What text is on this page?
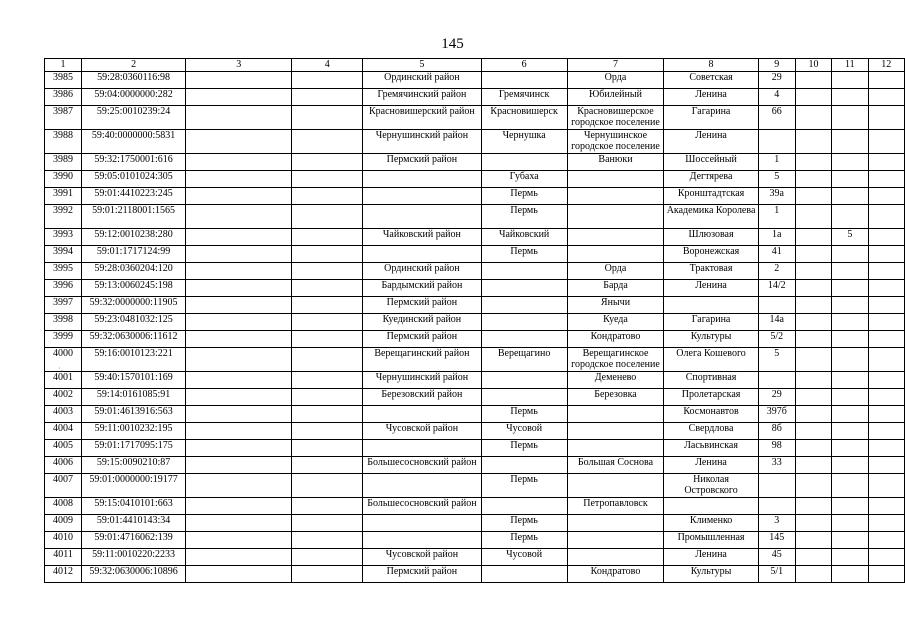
145
1	2	3	4	5	6	7	8	9	10	11	12
3985	59:28:0360116:98			Ординский район		Орда	Советская	29			
3986	59:04:0000000:282			Гремячинский район	Гремячинск	Юбилейный	Ленина	4			
3987	59:25:0010239:24			Красновишерский район	Красновишерск	Красновишерское городское поселение	Гагарина	66			
3988	59:40:0000000:5831			Чернушинский район	Чернушка	Чернушинское городское поселение	Ленина				
3989	59:32:1750001:616			Пермский район		Ванюки	Шоссейный	1			
3990	59:05:0101024:305				Губаха		Дегтярева	5			
3991	59:01:4410223:245				Пермь		Кронштадтская	39а			
3992	59:01:2118001:1565				Пермь		Академика Королева	1			
3993	59:12:0010238:280			Чайковский район	Чайковский		Шлюзовая	1а		5	
3994	59:01:1717124:99				Пермь		Воронежская	41			
3995	59:28:0360204:120			Ординский район		Орда	Трактовая	2			
3996	59:13:0060245:198			Бардымский район		Барда	Ленина	14/2			
3997	59:32:0000000:11905			Пермский район		Янычи					
3998	59:23:0481032:125			Куединский район		Куеда	Гагарина	14а			
3999	59:32:0630006:11612			Пермский район		Кондратово	Культуры	5/2			
4000	59:16:0010123:221			Верещагинский район	Верещагино	Верещагинское городское поселение	Олега Кошевого	5			
4001	59:40:1570101:169			Чернушинский район		Деменево	Спортивная				
4002	59:14:0161085:91			Березовский район		Березовка	Пролетарская	29			
4003	59:01:4613916:563				Пермь		Космонавтов	397б			
4004	59:11:0010232:195			Чусовской район	Чусовой		Свердлова	8б			
4005	59:01:1717095:175				Пермь		Ласьвинская	98			
4006	59:15:0090210:87			Большесосновский район		Большая Соснова	Ленина	33			
4007	59:01:0000000:19177				Пермь		Николая Островского				
4008	59:15:0410101:663			Большесосновский район		Петропавловск					
4009	59:01:4410143:34				Пермь		Клименко	3			
4010	59:01:4716062:139				Пермь		Промышленная	145			
4011	59:11:0010220:2233			Чусовской район	Чусовой		Ленина	45			
4012	59:32:0630006:10896			Пермский район		Кондратово	Культуры	5/1			
·‚
